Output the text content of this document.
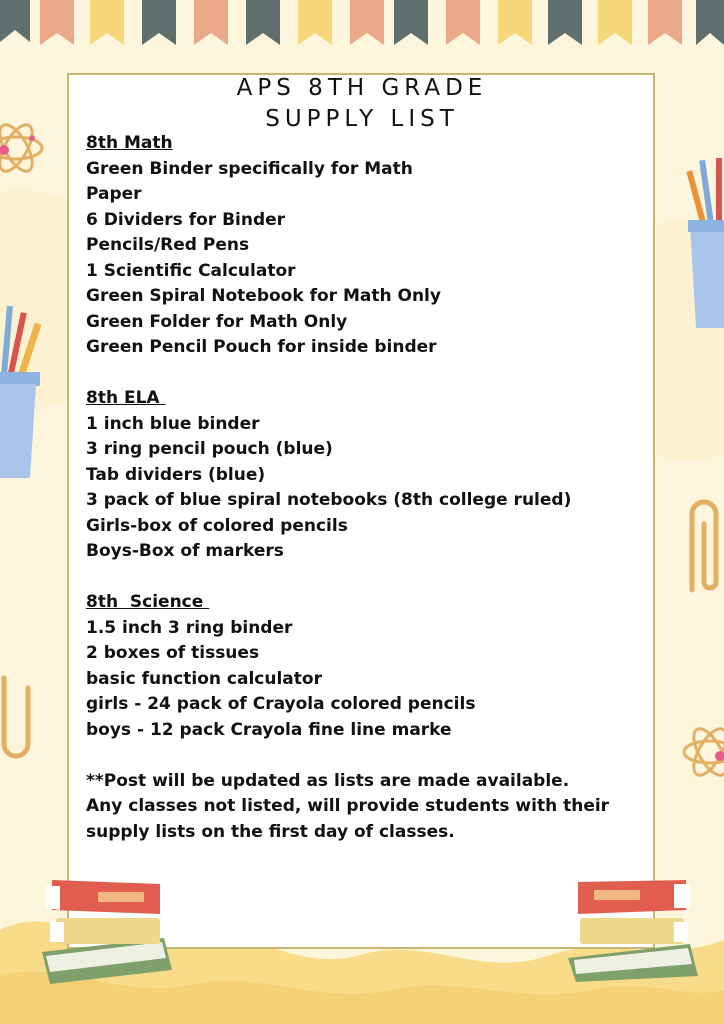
APS 8TH GRADE
SUPPLY LIST
8th Math
Green Binder specifically for Math
Paper
6 Dividers for Binder
Pencils/Red Pens
1 Scientific Calculator
Green Spiral Notebook for Math Only
Green Folder for Math Only
Green Pencil Pouch for inside binder
8th ELA
1 inch blue binder
3 ring pencil pouch (blue)
Tab dividers (blue)
3 pack of blue spiral notebooks (8th college ruled)
Girls-box of colored pencils
Boys-Box of markers
8th  Science
1.5 inch 3 ring binder
2 boxes of tissues
basic function calculator
girls - 24 pack of Crayola colored pencils
boys - 12 pack Crayola fine line marke
**Post will be updated as lists are made available. Any classes not listed, will provide students with their supply lists on the first day of classes.
